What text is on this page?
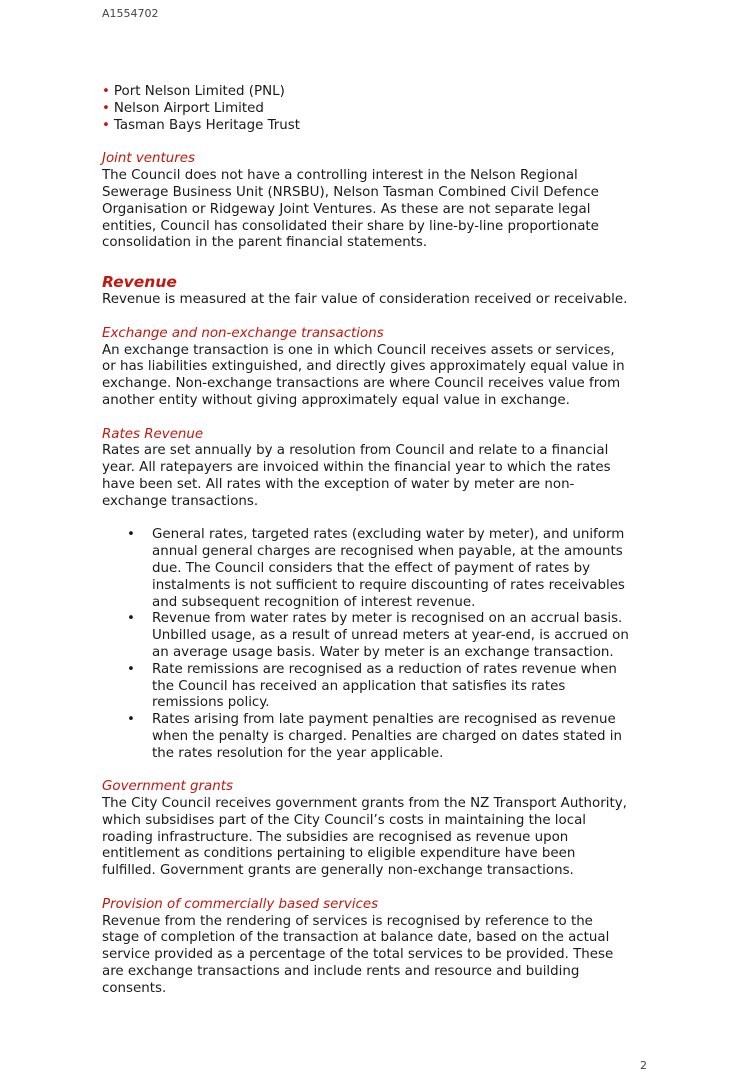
A1554702
• Port Nelson Limited (PNL)
• Nelson Airport Limited
• Tasman Bays Heritage Trust

Joint ventures

The Council does not have a controlling interest in the Nelson Regional
Sewerage Business Unit (NRSBU), Nelson Tasman Combined Civil Defence
Organisation or Ridgeway Joint Ventures. As these are not separate legal
entities, Council has consolidated their share by line-by-line proportionate
consolidation in the parent financial statements.

Revenue

Revenue is measured at the fair value of consideration received or receivable.

Exchange and non-exchange transactions

An exchange transaction is one in which Council receives assets or services,
or has liabilities extinguished, and directly gives approximately equal value in
exchange. Non-exchange transactions are where Council receives value from
another entity without giving approximately equal value in exchange.

Rates Revenue

Rates are set annually by a resolution from Council and relate to a financial
year. All ratepayers are invoiced within the financial year to which the rates
have been set. All rates with the exception of water by meter are non-
exchange transactions.
• General rates, targeted rates (excluding water by meter), and uniform
annual general charges are recognised when payable, at the amounts
due. The Council considers that the effect of payment of rates by
instalments is not sufficient to require discounting of rates receivables
and subsequent recognition of interest revenue.
• Revenue from water rates by meter is recognised on an accrual basis.
Unbilled usage, as a result of unread meters at year-end, is accrued on
an average usage basis. Water by meter is an exchange transaction.
• Rate remissions are recognised as a reduction of rates revenue when
the Council has received an application that satisfies its rates
remissions policy.
• Rates arising from late payment penalties are recognised as revenue
when the penalty is charged. Penalties are charged on dates stated in
the rates resolution for the year applicable.

Government grants

The City Council receives government grants from the NZ Transport Authority,
which subsidises part of the City Council’s costs in maintaining the local
roading infrastructure. The subsidies are recognised as revenue upon
entitlement as conditions pertaining to eligible expenditure have been
fulfilled. Government grants are generally non-exchange transactions.

Provision of commercially based services

Revenue from the rendering of services is recognised by reference to the
stage of completion of the transaction at balance date, based on the actual
service provided as a percentage of the total services to be provided. These
are exchange transactions and include rents and resource and building
consents.
2
